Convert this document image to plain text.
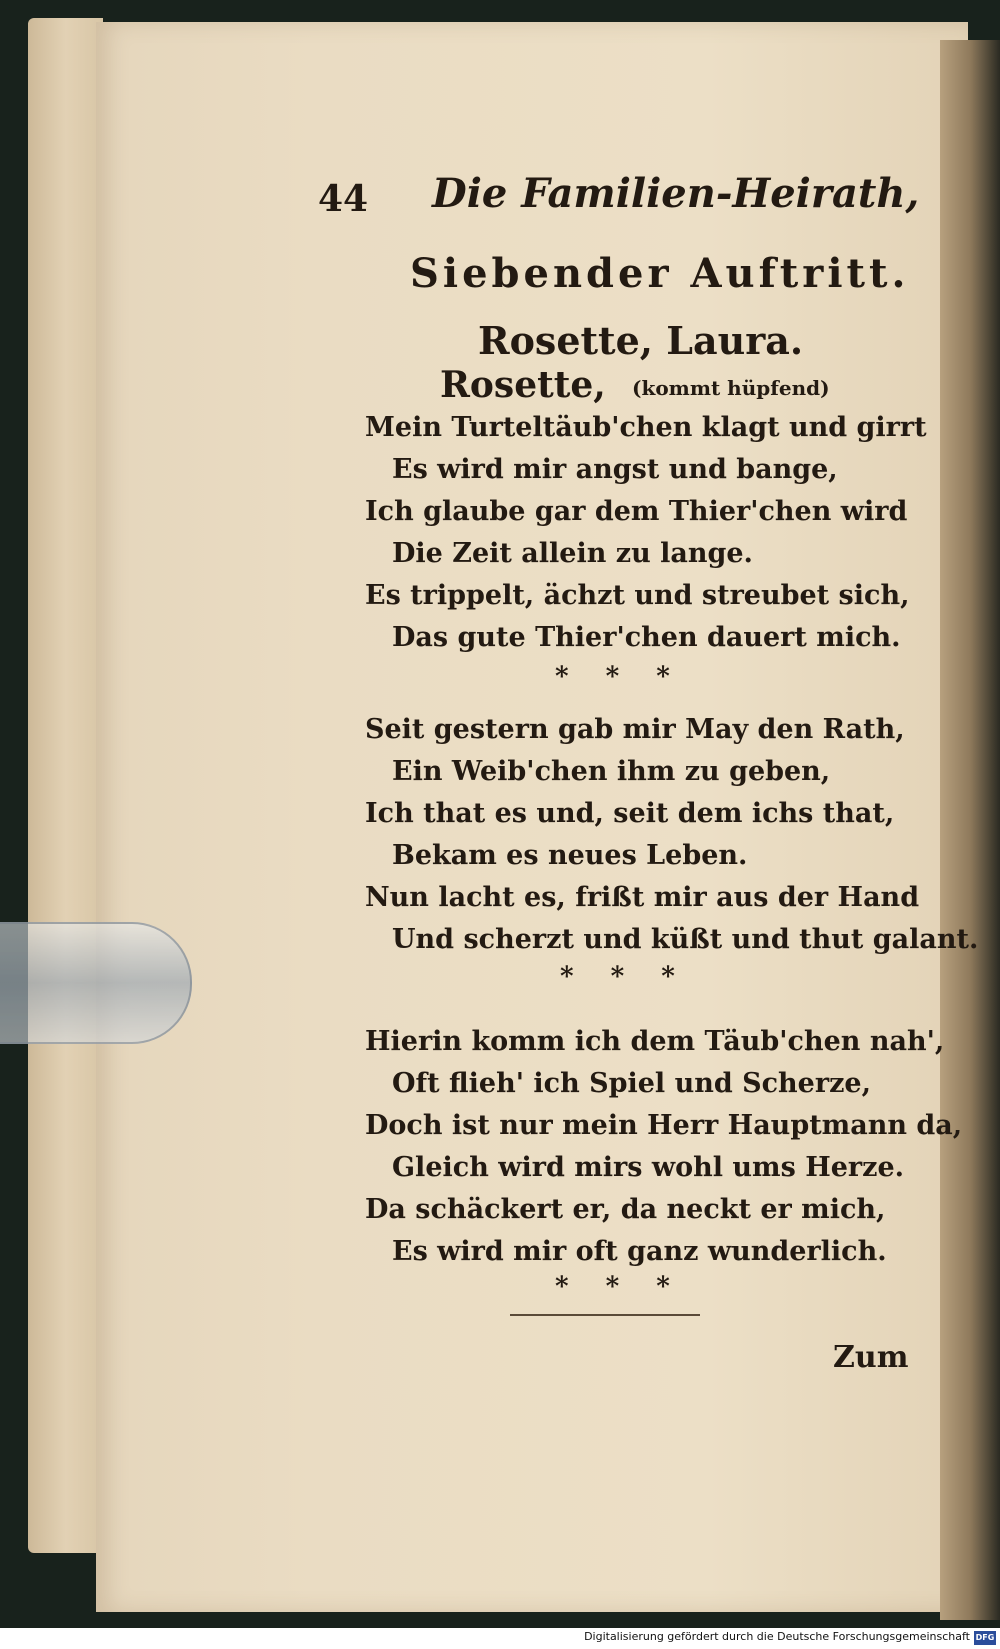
44 Die Familien-Heirath,
Siebender Auftritt.
Rosette, Laura.
Rosette, (kommt hüpfend)
Mein Turteltäub'chen klagt und girrt
Es wird mir angst und bange,
Ich glaube gar dem Thier'chen wird
Die Zeit allein zu lange.
Es trippelt, ächzt und streubet sich,
Das gute Thier'chen dauert mich.
* * *
Seit gestern gab mir May den Rath,
Ein Weib'chen ihm zu geben,
Ich that es und, seit dem ichs that,
Bekam es neues Leben.
Nun lacht es, frißt mir aus der Hand
Und scherzt und küßt und thut galant.
* * *
Hierin komm ich dem Täub'chen nah',
Oft flieh' ich Spiel und Scherze,
Doch ist nur mein Herr Hauptmann da,
Gleich wird mirs wohl ums Herze.
Da schäckert er, da neckt er mich,
Es wird mir oft ganz wunderlich.
* * *
Zum
Digitalisierung gefördert durch die Deutsche Forschungsgemeinschaft DFG
